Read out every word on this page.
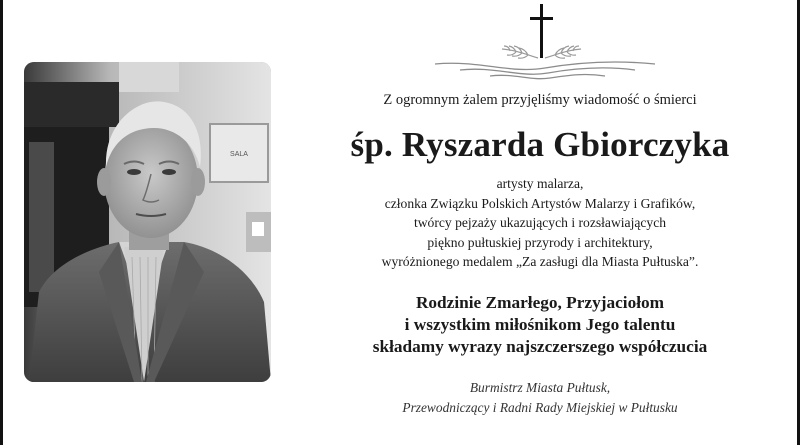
SALA
Z ogromnym żalem przyjęliśmy wiadomość o śmierci
śp. Ryszarda Gbiorczyka
artysty malarza,
członka Związku Polskich Artystów Malarzy i Grafików,
twórcy pejzaży ukazujących i rozsławiających
piękno pułtuskiej przyrody i architektury,
wyróżnionego medalem „Za zasługi dla Miasta Pułtuska”.
Rodzinie Zmarłego, Przyjaciołom
i wszystkim miłośnikom Jego talentu
składamy wyrazy najszczerszego współczucia
Burmistrz Miasta Pułtusk,
Przewodniczący i Radni Rady Miejskiej w Pułtusku
